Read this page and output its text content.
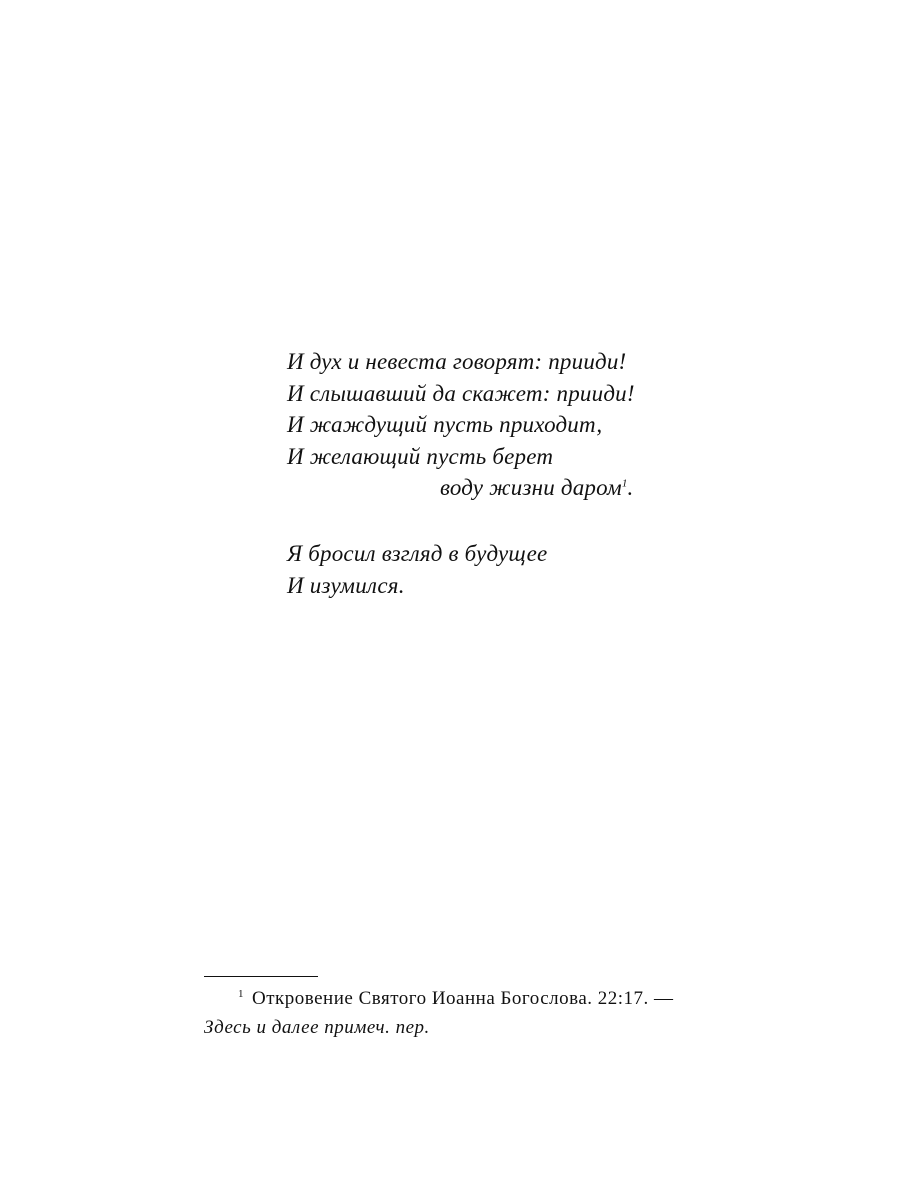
И дух и невеста говорят: прииди!
И слышавший да скажет: прииди!
И жаждущий пусть приходит,
И желающий пусть берет
воду жизни даром$^1$.
Я бросил взгляд в будущее
И изумился.
$^1$ Откровение Святого Иоанна Богослова. 22:17. —
Здесь и далее примеч. пер.
